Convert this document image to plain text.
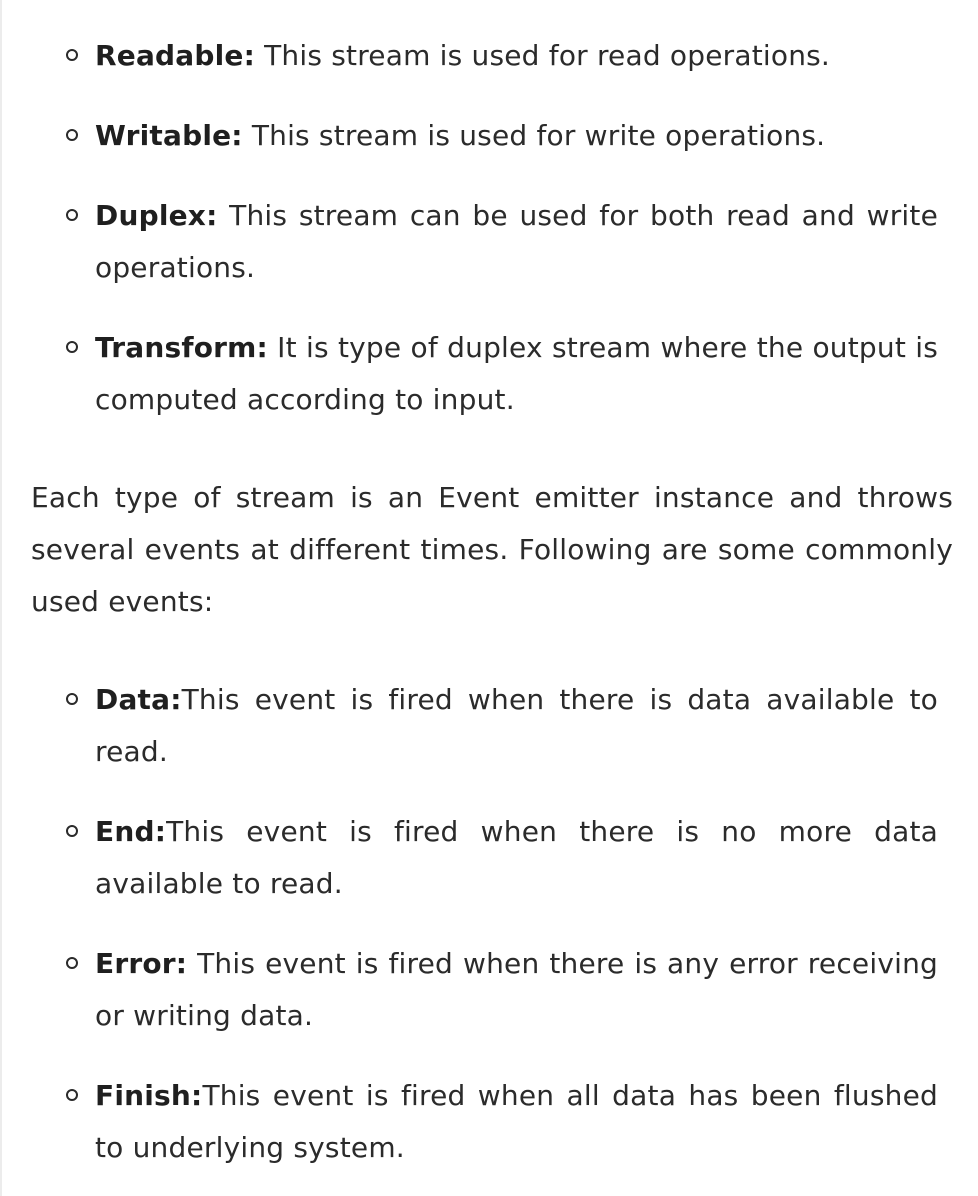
Readable: This stream is used for read operations.
Writable: This stream is used for write operations.
Duplex: This stream can be used for both read and write operations.
Transform: It is type of duplex stream where the output is computed according to input.

Each type of stream is an Event emitter instance and throws several events at different times. Following are some commonly used events:

Data:This event is fired when there is data available to read.
End:This event is fired when there is no more data available to read.
Error: This event is fired when there is any error receiving or writing data.
Finish:This event is fired when all data has been flushed to underlying system.
